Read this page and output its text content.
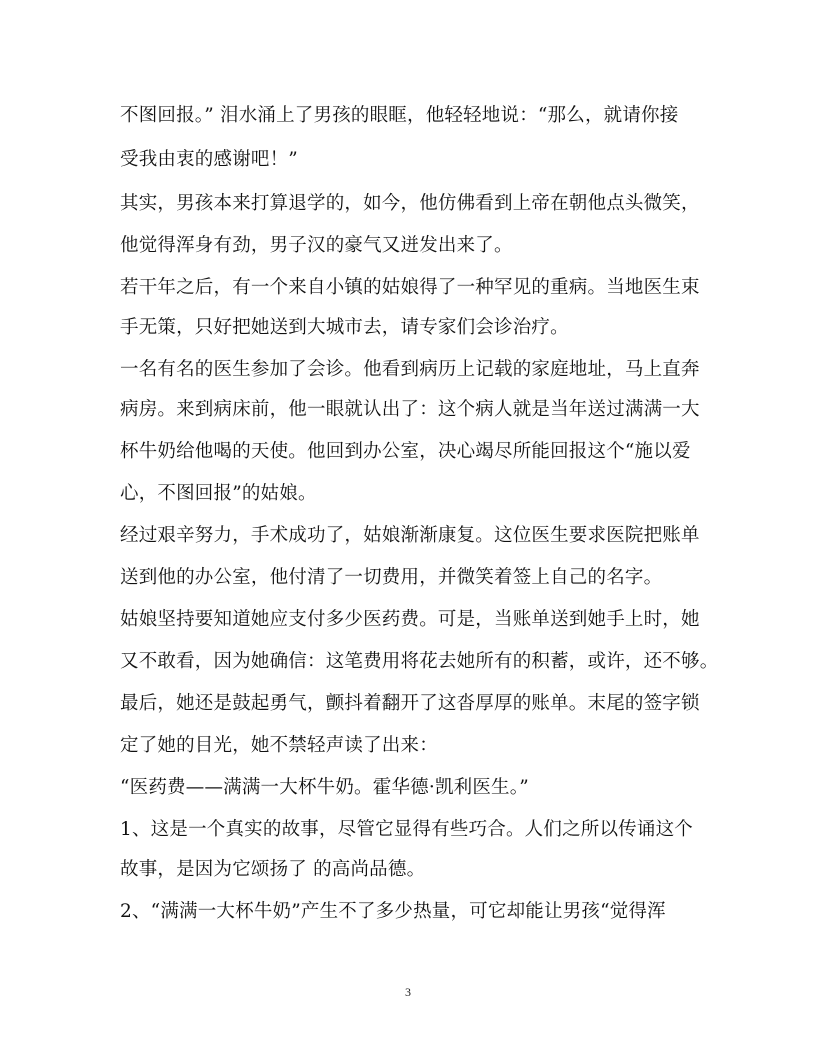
不图回报。” 泪水涌上了男孩的眼眶，他轻轻地说：“那么，就请你接
受我由衷的感谢吧！”
其实，男孩本来打算退学的，如今，他仿佛看到上帝在朝他点头微笑，
他觉得浑身有劲，男子汉的豪气又迸发出来了。
若干年之后，有一个来自小镇的姑娘得了一种罕见的重病。当地医生束
手无策，只好把她送到大城市去，请专家们会诊治疗。
一名有名的医生参加了会诊。他看到病历上记载的家庭地址，马上直奔
病房。来到病床前，他一眼就认出了：这个病人就是当年送过满满一大
杯牛奶给他喝的天使。他回到办公室，决心竭尽所能回报这个“施以爱
心，不图回报”的姑娘。
经过艰辛努力，手术成功了，姑娘渐渐康复。这位医生要求医院把账单
送到他的办公室，他付清了一切费用，并微笑着签上自己的名字。
姑娘坚持要知道她应支付多少医药费。可是，当账单送到她手上时，她
又不敢看，因为她确信：这笔费用将花去她所有的积蓄，或许，还不够。
最后，她还是鼓起勇气，颤抖着翻开了这沓厚厚的账单。末尾的签字锁
定了她的目光，她不禁轻声读了出来：
“医药费——满满一大杯牛奶。霍华德·凯利医生。”
1、这是一个真实的故事，尽管它显得有些巧合。人们之所以传诵这个
故事，是因为它颂扬了 的高尚品德。
2、“满满一大杯牛奶”产生不了多少热量，可它却能让男孩“觉得浑
3
